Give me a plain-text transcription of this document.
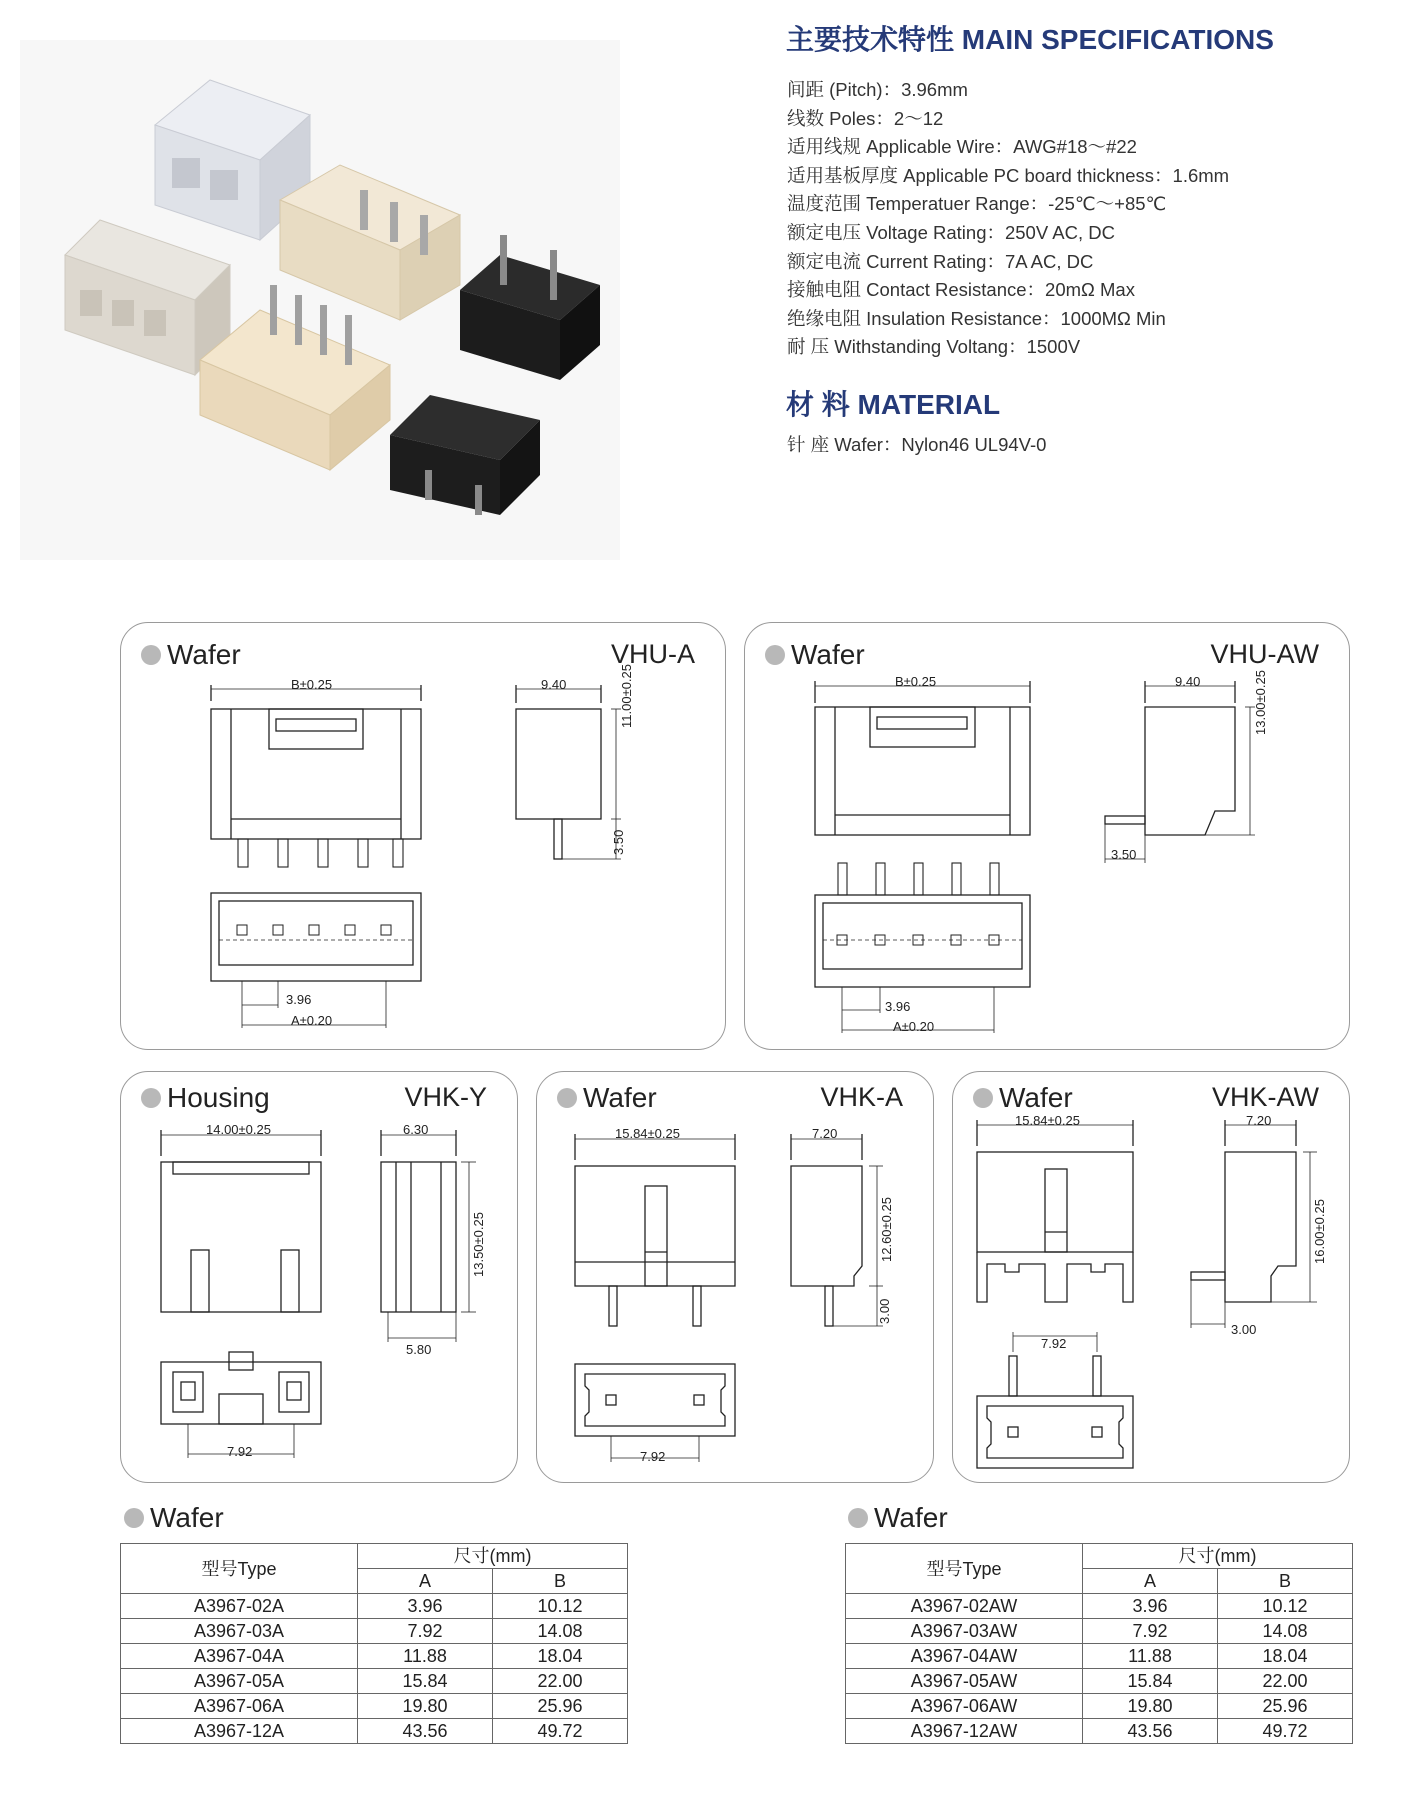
主要技术特性 MAIN SPECIFICATIONS
间距 (Pitch)：3.96mm
线数 Poles：2～12
适用线规 Applicable Wire：AWG#18～#22
适用基板厚度 Applicable PC board thickness：1.6mm
温度范围 Temperatuer Range：-25℃～+85℃
额定电压 Voltage Rating：250V AC, DC
额定电流 Current Rating：7A AC, DC
接触电阻 Contact Resistance：20mΩ Max
绝缘电阻 Insulation Resistance：1000MΩ Min
耐 压 Withstanding Voltang：1500V
材 料 MATERIAL
针 座 Wafer：Nylon46 UL94V-0
Wafer	VHU-A
B±0.25	9.40	11.00±0.25
3.50
3.96
A±0.20
Wafer	VHU-AW
B±0.25	9.40	13.00±0.25
3.50
3.96
A±0.20
Housing	VHK-Y
14.00±0.25	6.30
13.50±0.25
5.80
7.92
Wafer	VHK-A
15.84±0.25	7.20
12.60±0.25
3.00
7.92
Wafer	VHK-AW
15.84±0.25	7.20
16.00±0.25
3.00
7.92
Wafer
型号Type	尺寸(mm)	
	A	B
A3967-02A	3.96	10.12
A3967-03A	7.92	14.08
A3967-04A	11.88	18.04
A3967-05A	15.84	22.00
A3967-06A	19.80	25.96
A3967-12A	43.56	49.72
Wafer
型号Type	尺寸(mm)	
	A	B
A3967-02AW	3.96	10.12
A3967-03AW	7.92	14.08
A3967-04AW	11.88	18.04
A3967-05AW	15.84	22.00
A3967-06AW	19.80	25.96
A3967-12AW	43.56	49.72
